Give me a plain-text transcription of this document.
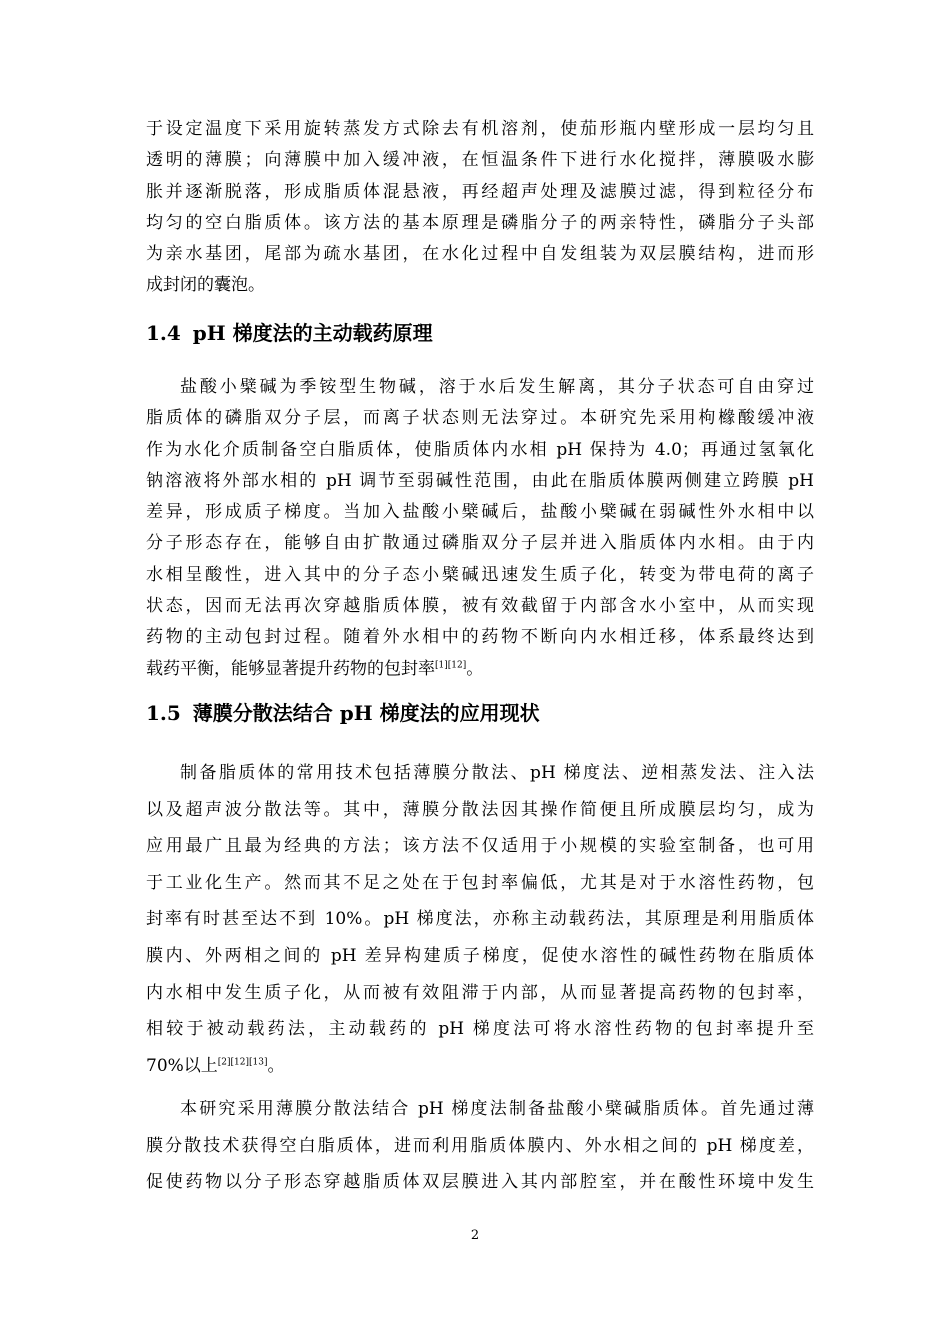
于设定温度下采用旋转蒸发方式除去有机溶剂，使茄形瓶内壁形成一层均匀且
透明的薄膜；向薄膜中加入缓冲液，在恒温条件下进行水化搅拌，薄膜吸水膨
胀并逐渐脱落，形成脂质体混悬液，再经超声处理及滤膜过滤，得到粒径分布
均匀的空白脂质体。该方法的基本原理是磷脂分子的两亲特性，磷脂分子头部
为亲水基团，尾部为疏水基团，在水化过程中自发组装为双层膜结构，进而形
成封闭的囊泡。
1.4 pH 梯度法的主动载药原理
盐酸小檗碱为季铵型生物碱，溶于水后发生解离，其分子状态可自由穿过
脂质体的磷脂双分子层，而离子状态则无法穿过。本研究先采用枸橼酸缓冲液
作为水化介质制备空白脂质体，使脂质体内水相 pH 保持为 4.0；再通过氢氧化
钠溶液将外部水相的 pH 调节至弱碱性范围，由此在脂质体膜两侧建立跨膜 pH
差异，形成质子梯度。当加入盐酸小檗碱后，盐酸小檗碱在弱碱性外水相中以
分子形态存在，能够自由扩散通过磷脂双分子层并进入脂质体内水相。由于内
水相呈酸性，进入其中的分子态小檗碱迅速发生质子化，转变为带电荷的离子
状态，因而无法再次穿越脂质体膜，被有效截留于内部含水小室中，从而实现
药物的主动包封过程。随着外水相中的药物不断向内水相迁移，体系最终达到
载药平衡，能够显著提升药物的包封率[1][12]。
1.5 薄膜分散法结合 pH 梯度法的应用现状
制备脂质体的常用技术包括薄膜分散法、pH 梯度法、逆相蒸发法、注入法
以及超声波分散法等。其中，薄膜分散法因其操作简便且所成膜层均匀，成为
应用最广且最为经典的方法；该方法不仅适用于小规模的实验室制备，也可用
于工业化生产。然而其不足之处在于包封率偏低，尤其是对于水溶性药物，包
封率有时甚至达不到 10%。pH 梯度法，亦称主动载药法，其原理是利用脂质体
膜内、外两相之间的 pH 差异构建质子梯度，促使水溶性的碱性药物在脂质体
内水相中发生质子化，从而被有效阻滞于内部，从而显著提高药物的包封率，
相较于被动载药法，主动载药的 pH 梯度法可将水溶性药物的包封率提升至
70%以上[2][12][13]。
本研究采用薄膜分散法结合 pH 梯度法制备盐酸小檗碱脂质体。首先通过薄
膜分散技术获得空白脂质体，进而利用脂质体膜内、外水相之间的 pH 梯度差，
促使药物以分子形态穿越脂质体双层膜进入其内部腔室，并在酸性环境中发生
2
